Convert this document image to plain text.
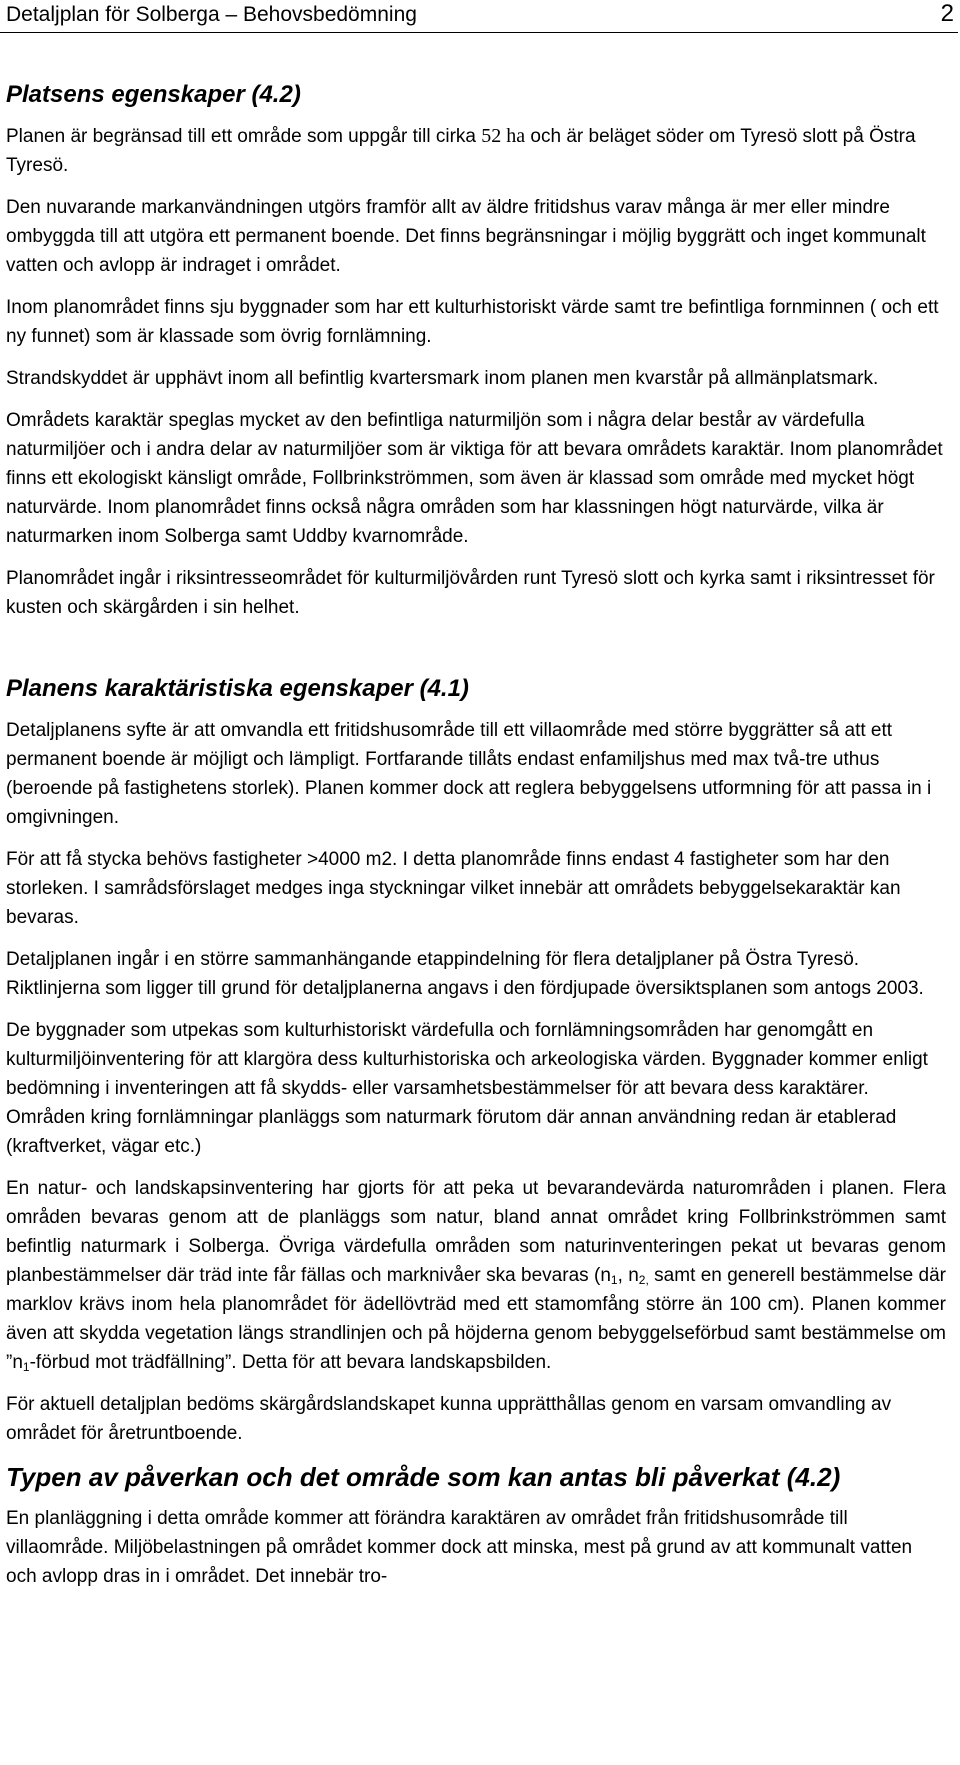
Detaljplan för Solberga – Behovsbedömning	2
Platsens egenskaper (4.2)

Planen är begränsad till ett område som uppgår till cirka 52 ha och är beläget söder om Tyresö slott på Östra Tyresö.

Den nuvarande markanvändningen utgörs framför allt av äldre fritidshus varav många är mer eller mindre ombyggda till att utgöra ett permanent boende. Det finns begränsningar i möjlig byggrätt och inget kommunalt vatten och avlopp är indraget i området.

Inom planområdet finns sju byggnader som har ett kulturhistoriskt värde samt tre befintliga fornminnen ( och ett ny funnet) som är klassade som övrig fornlämning.

Strandskyddet är upphävt inom all befintlig kvartersmark inom planen men kvarstår på allmänplatsmark.

Områdets karaktär speglas mycket av den befintliga naturmiljön som i några delar består av värdefulla naturmiljöer och i andra delar av naturmiljöer som är viktiga för att bevara områdets karaktär. Inom planområdet finns ett ekologiskt känsligt område, Follbrinkströmmen, som även är klassad som område med mycket högt naturvärde. Inom planområdet finns också några områden som har klassningen högt naturvärde, vilka är naturmarken inom Solberga samt Uddby kvarnområde.

Planområdet ingår i riksintresseområdet för kulturmiljövården runt Tyresö slott och kyrka samt i riksintresset för kusten och skärgården i sin helhet.

Planens karaktäristiska egenskaper (4.1)

Detaljplanens syfte är att omvandla ett fritidshusområde till ett villaområde med större byggrätter så att ett permanent boende är möjligt och lämpligt. Fortfarande tillåts endast enfamiljshus med max två-tre uthus (beroende på fastighetens storlek). Planen kommer dock att reglera bebyggelsens utformning för att passa in i omgivningen.

För att få stycka behövs fastigheter >4000 m2. I detta planområde finns endast 4 fastigheter som har den storleken. I samrådsförslaget medges inga styckningar vilket innebär att områdets bebyggelsekaraktär kan bevaras.

Detaljplanen ingår i en större sammanhängande etappindelning för flera detaljplaner på Östra Tyresö. Riktlinjerna som ligger till grund för detaljplanerna angavs i den fördjupade översiktsplanen som antogs 2003.

De byggnader som utpekas som kulturhistoriskt värdefulla och fornlämningsområden har genomgått en kulturmiljöinventering för att klargöra dess kulturhistoriska och arkeologiska värden. Byggnader kommer enligt bedömning i inventeringen att få skydds- eller varsamhetsbestämmelser för att bevara dess karaktärer. Områden kring fornlämningar planläggs som naturmark förutom där annan användning redan är etablerad (kraftverket, vägar etc.)

En natur- och landskapsinventering har gjorts för att peka ut bevarandevärda naturområden i planen. Flera områden bevaras genom att de planläggs som natur, bland annat området kring Follbrinkströmmen samt befintlig naturmark i Solberga. Övriga värdefulla områden som naturinventeringen pekat ut bevaras genom planbestämmelser där träd inte får fällas och marknivåer ska bevaras ($n_1$, $n_{2,}$ samt en generell bestämmelse där marklov krävs inom hela planområdet för ädellövträd med ett stamomfång större än 100 cm). Planen kommer även att skydda vegetation längs strandlinjen och på höjderna genom bebyggelseförbud samt bestämmelse om $”n_1$-förbud mot trädfällning”. Detta för att bevara landskapsbilden.

För aktuell detaljplan bedöms skärgårdslandskapet kunna upprätthållas genom en varsam omvandling av området för åretruntboende.

Typen av påverkan och det område som kan antas bli påverkat (4.2)

En planläggning i detta område kommer att förändra karaktären av området från fritidshusområde till villaområde. Miljöbelastningen på området kommer dock att minska, mest på grund av att kommunalt vatten och avlopp dras in i området. Det innebär tro-
